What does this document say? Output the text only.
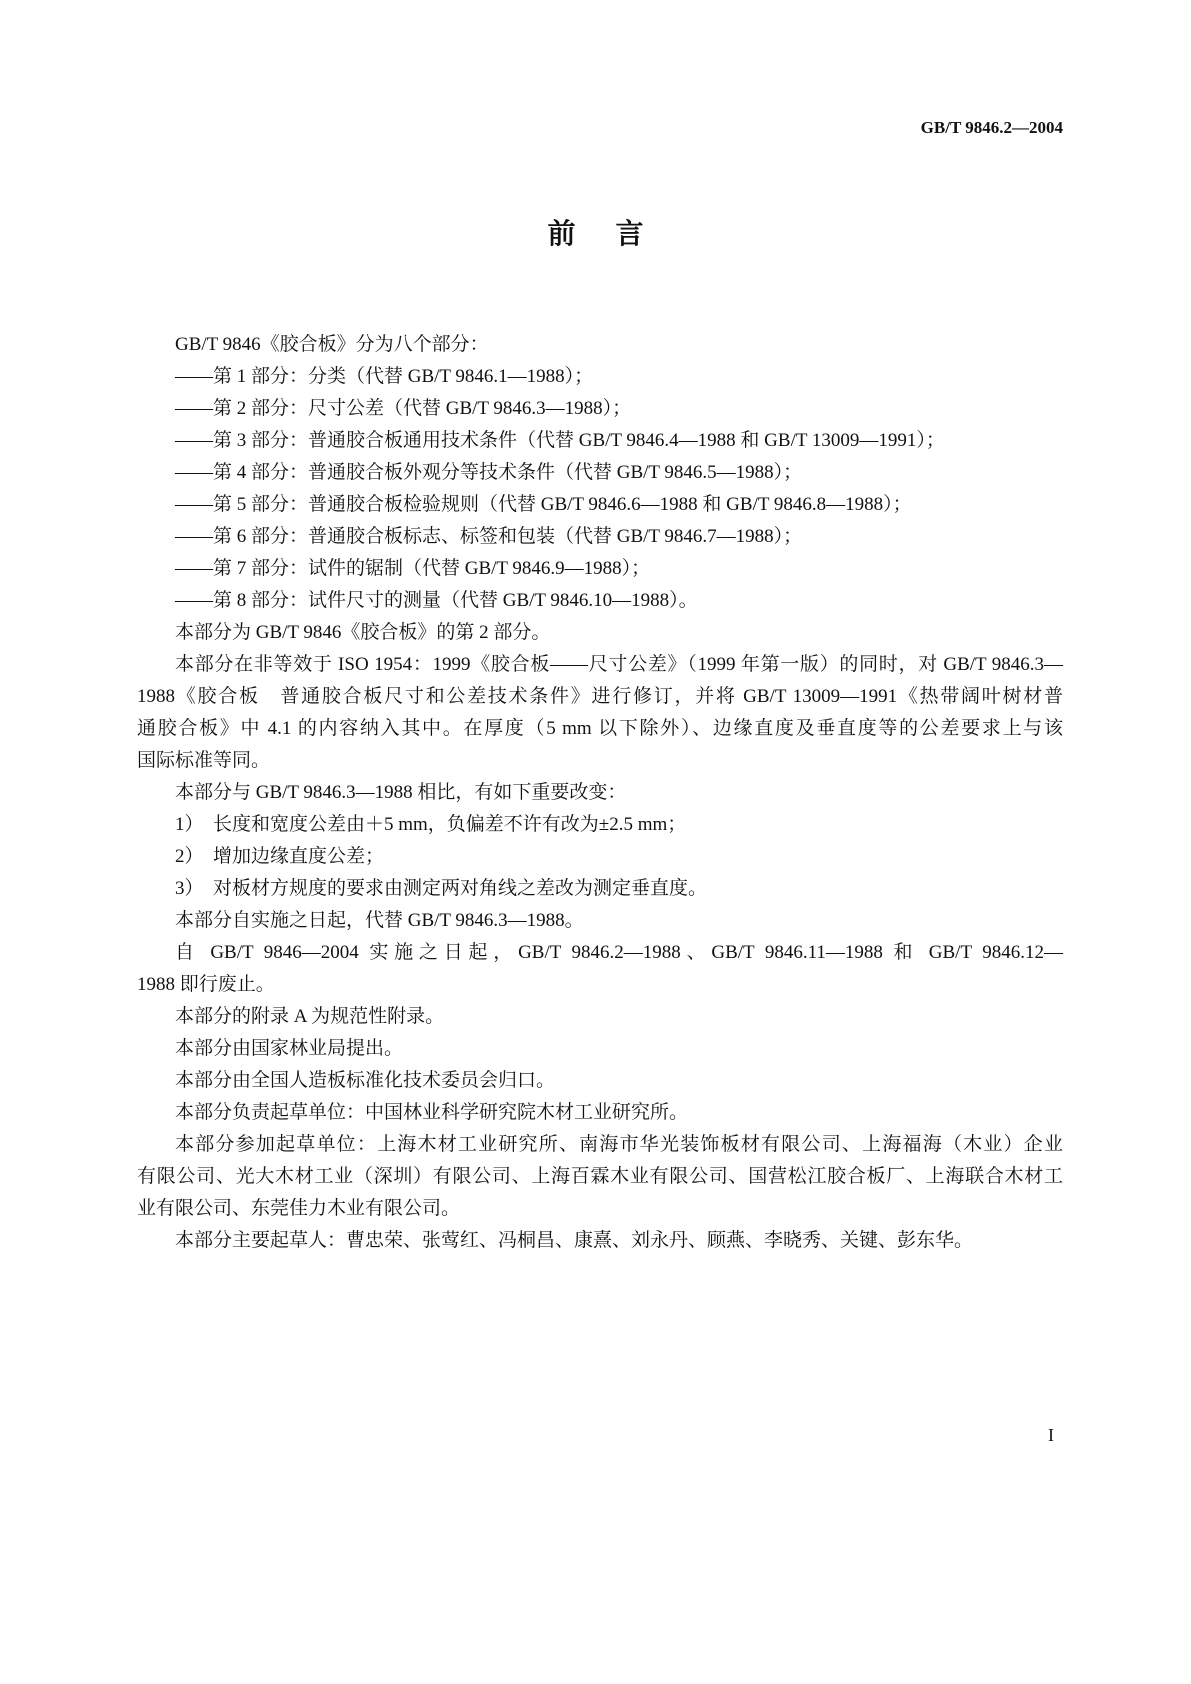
GB/T 9846.2—2004
前言
GB/T 9846《胶合板》分为八个部分：
——第 1 部分：分类（代替 GB/T 9846.1—1988）；
——第 2 部分：尺寸公差（代替 GB/T 9846.3—1988）；
——第 3 部分：普通胶合板通用技术条件（代替 GB/T 9846.4—1988 和 GB/T 13009—1991）；
——第 4 部分：普通胶合板外观分等技术条件（代替 GB/T 9846.5—1988）；
——第 5 部分：普通胶合板检验规则（代替 GB/T 9846.6—1988 和 GB/T 9846.8—1988）；
——第 6 部分：普通胶合板标志、标签和包装（代替 GB/T 9846.7—1988）；
——第 7 部分：试件的锯制（代替 GB/T 9846.9—1988）；
——第 8 部分：试件尺寸的测量（代替 GB/T 9846.10—1988）。
本部分为 GB/T 9846《胶合板》的第 2 部分。
本部分在非等效于 ISO 1954：1999《胶合板——尺寸公差》（1999 年第一版）的同时，对 GB/T 9846.3—
1988《胶合板　普通胶合板尺寸和公差技术条件》进行修订，并将 GB/T 13009—1991《热带阔叶树材普
通胶合板》中 4.1 的内容纳入其中。在厚度（5 mm 以下除外）、边缘直度及垂直度等的公差要求上与该
国际标准等同。
本部分与 GB/T 9846.3—1988 相比，有如下重要改变：
1）　长度和宽度公差由＋5 mm，负偏差不许有改为±2.5 mm；
2）　增加边缘直度公差；
3）　对板材方规度的要求由测定两对角线之差改为测定垂直度。
本部分自实施之日起，代替 GB/T 9846.3—1988。
自 GB/T 9846—2004 实施之日起，GB/T 9846.2—1988、GB/T 9846.11—1988 和 GB/T 9846.12—
1988 即行废止。
本部分的附录 A 为规范性附录。
本部分由国家林业局提出。
本部分由全国人造板标准化技术委员会归口。
本部分负责起草单位：中国林业科学研究院木材工业研究所。
本部分参加起草单位：上海木材工业研究所、南海市华光装饰板材有限公司、上海福海（木业）企业
有限公司、光大木材工业（深圳）有限公司、上海百霖木业有限公司、国营松江胶合板厂、上海联合木材工
业有限公司、东莞佳力木业有限公司。
本部分主要起草人：曹忠荣、张莺红、冯桐昌、康熹、刘永丹、顾燕、李晓秀、关键、彭东华。
I
